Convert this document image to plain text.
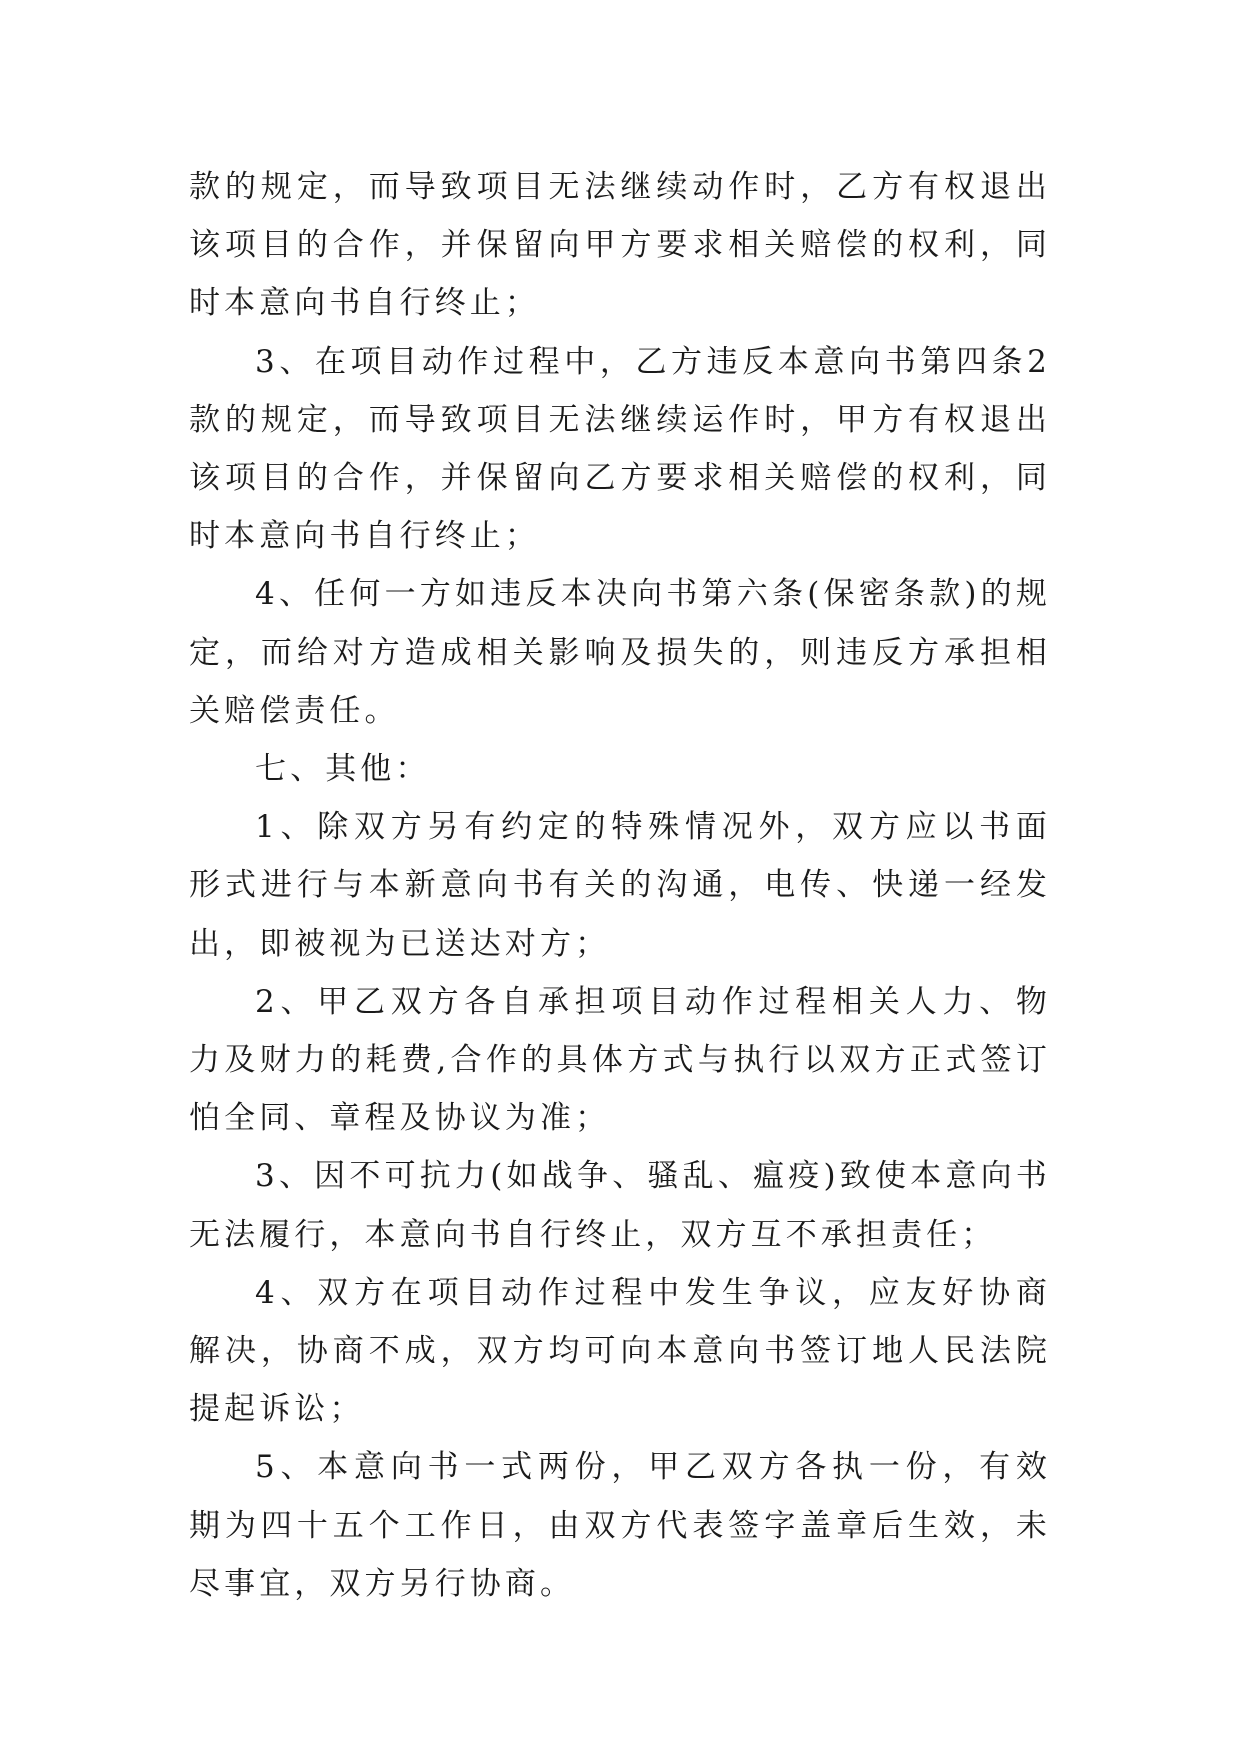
款的规定，而导致项目无法继续动作时，乙方有权退出该项目的合作，并保留向甲方要求相关赔偿的权利，同时本意向书自行终止；

3、在项目动作过程中，乙方违反本意向书第四条2款的规定，而导致项目无法继续运作时，甲方有权退出该项目的合作，并保留向乙方要求相关赔偿的权利，同时本意向书自行终止；

4、任何一方如违反本决向书第六条(保密条款)的规定，而给对方造成相关影响及损失的，则违反方承担相关赔偿责任。

七、其他：

1、除双方另有约定的特殊情况外，双方应以书面形式进行与本新意向书有关的沟通，电传、快递一经发出，即被视为已送达对方；

2、甲乙双方各自承担项目动作过程相关人力、物力及财力的耗费,合作的具体方式与执行以双方正式签订怕全同、章程及协议为准；

3、因不可抗力(如战争、骚乱、瘟疫)致使本意向书无法履行，本意向书自行终止，双方互不承担责任；

4、双方在项目动作过程中发生争议，应友好协商解决，协商不成，双方均可向本意向书签订地人民法院提起诉讼；

5、本意向书一式两份，甲乙双方各执一份，有效期为四十五个工作日，由双方代表签字盖章后生效，未尽事宜，双方另行协商。
